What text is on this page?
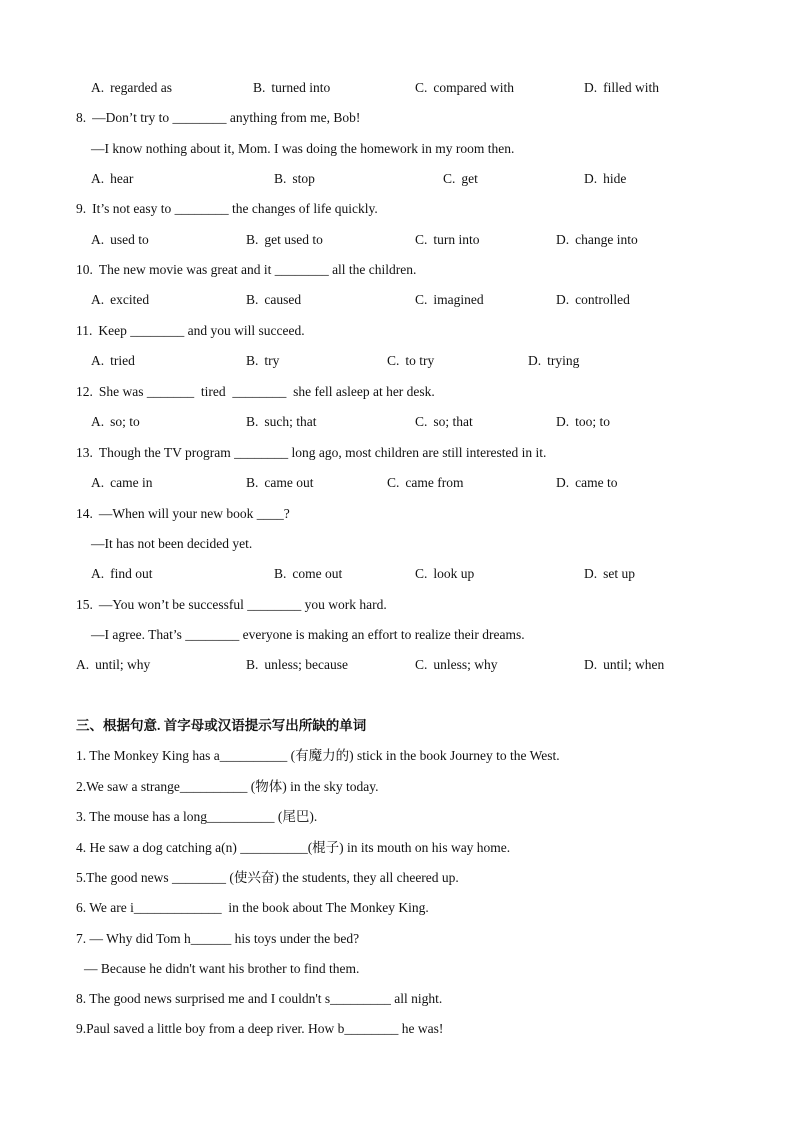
A. regarded as	B. turned into	C. compared with	D. filled with
8. —Don’t try to ________ anything from me, Bob!
—I know nothing about it, Mom. I was doing the homework in my room then.
A. hear	B. stop	C. get	D. hide
9. It’s not easy to ________ the changes of life quickly.
A. used to	B. get used to	C. turn into	D. change into
10. The new movie was great and it ________ all the children.
A. excited	B. caused	C. imagined	D. controlled
11. Keep ________ and you will succeed.
A. tried	B. try	C. to try	D. trying
12. She was _______  tired  ________  she fell asleep at her desk.
A. so; to	B. such; that	C. so; that	D. too; to
13. Though the TV program ________ long ago, most children are still interested in it.
A. came in	B. came out	C. came from	D. came to
14. —When will your new book ____?
—It has not been decided yet.
A. find out	B. come out	C. look up	D. set up
15. —You won’t be successful ________ you work hard.
—I agree. That’s ________ everyone is making an effort to realize their dreams.
A. until; why	B. unless; because	C. unless; why	D. until; when
三、根据句意. 首字母或汉语提示写出所缺的单词
1. The Monkey King has a__________ (有魔力的) stick in the book Journey to the West.
2.We saw a strange__________ (物体) in the sky today.
3. The mouse has a long__________ (尾巴).
4. He saw a dog catching a(n) __________(棍子) in its mouth on his way home.
5.The good news ________ (使兴奋) the students, they all cheered up.
6. We are i_____________  in the book about The Monkey King.
7. — Why did Tom h______ his toys under the bed?
— Because he didn't want his brother to find them.
8. The good news surprised me and I couldn't s_________ all night.
9.Paul saved a little boy from a deep river. How b________ he was!
